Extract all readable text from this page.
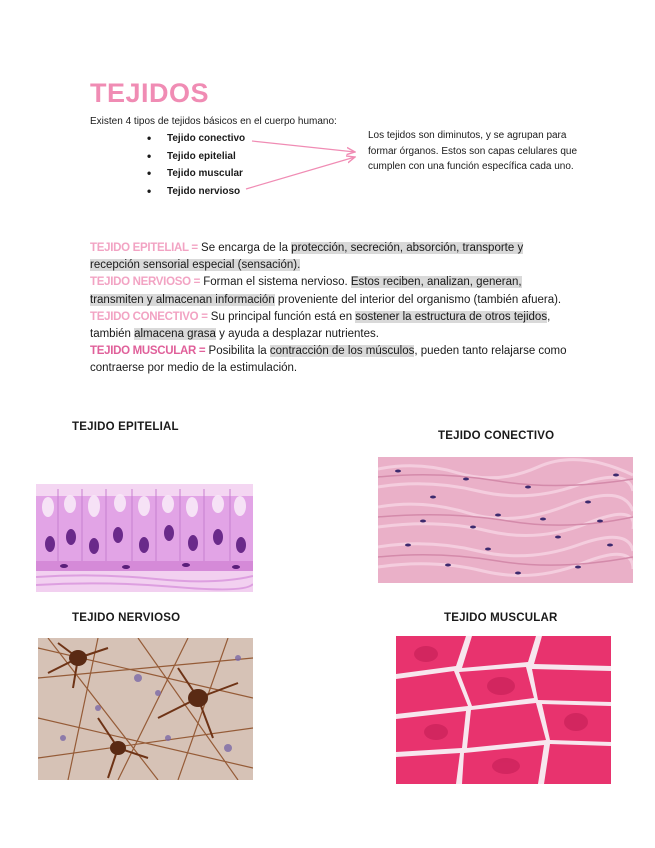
TEJIDOS
Existen 4 tipos de tejidos básicos en el cuerpo humano:
• Tejido conectivo
• Tejido epitelial
• Tejido muscular
• Tejido nervioso
Los tejidos son diminutos, y se agrupan para formar órganos. Estos son capas celulares que cumplen con una función específica cada uno.

TEJIDO EPITELIAL = Se encarga de la protección, secreción, absorción, transporte y recepción sensorial especial (sensación).

TEJIDO NERVIOSO = Forman el sistema nervioso. Estos reciben, analizan, generan, transmiten y almacenan información proveniente del interior del organismo (también afuera).

TEJIDO CONECTIVO = Su principal función está en sostener la estructura de otros tejidos, también almacena grasa y ayuda a desplazar nutrientes.

TEJIDO MUSCULAR = Posibilita la contracción de los músculos, pueden tanto relajarse como contraerse por medio de la estimulación.

TEJIDO EPITELIAL
TEJIDO CONECTIVO
TEJIDO NERVIOSO	TEJIDO MUSCULAR
